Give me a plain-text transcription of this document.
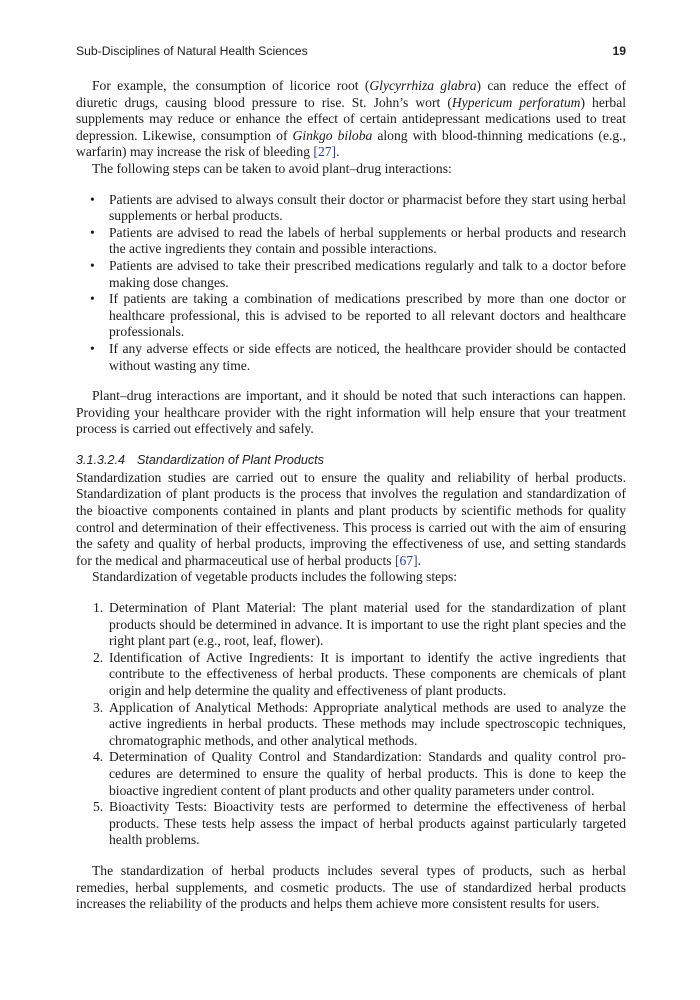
Sub-Disciplines of Natural Health Sciences	19

For example, the consumption of licorice root (Glycyrrhiza glabra) can reduce the effect of diuretic drugs, causing blood pressure to rise. St. John’s wort (Hypericum perforatum) herbal supplements may reduce or enhance the effect of certain antidepressant medications used to treat depression. Likewise, consumption of Ginkgo biloba along with blood-thinning medications (e.g., warfarin) may increase the risk of bleeding [27].

The following steps can be taken to avoid plant–drug interactions:

• Patients are advised to always consult their doctor or pharmacist before they start using herbal supplements or herbal products.
• Patients are advised to read the labels of herbal supplements or herbal products and research the active ingredients they contain and possible interactions.
• Patients are advised to take their prescribed medications regularly and talk to a doctor before making dose changes.
• If patients are taking a combination of medications prescribed by more than one doctor or healthcare professional, this is advised to be reported to all relevant doctors and healthcare professionals.
• If any adverse effects or side effects are noticed, the healthcare provider should be contacted without wasting any time.

Plant–drug interactions are important, and it should be noted that such interactions can happen. Providing your healthcare provider with the right information will help ensure that your treatment process is carried out effectively and safely.

3.1.3.2.4 Standardization of Plant Products

Standardization studies are carried out to ensure the quality and reliability of herbal products. Standardization of plant products is the process that involves the regulation and standardization of the bioactive components contained in plants and plant products by scientific methods for quality control and determination of their effectiveness. This process is carried out with the aim of ensuring the safety and quality of herbal products, improving the effectiveness of use, and setting standards for the medical and pharmaceutical use of herbal products [67].

Standardization of vegetable products includes the following steps:

1. Determination of Plant Material: The plant material used for the standardization of plant products should be determined in advance. It is important to use the right plant species and the right plant part (e.g., root, leaf, flower).
2. Identification of Active Ingredients: It is important to identify the active ingredients that contribute to the effectiveness of herbal products. These components are chemicals of plant origin and help determine the quality and effectiveness of plant products.
3. Application of Analytical Methods: Appropriate analytical methods are used to analyze the active ingredients in herbal products. These methods may include spectroscopic techniques, chromatographic methods, and other analytical methods.
4. Determination of Quality Control and Standardization: Standards and quality control procedures are determined to ensure the quality of herbal products. This is done to keep the bioactive ingredient content of plant products and other quality parameters under control.
5. Bioactivity Tests: Bioactivity tests are performed to determine the effectiveness of herbal products. These tests help assess the impact of herbal products against particularly targeted health problems.

The standardization of herbal products includes several types of products, such as herbal remedies, herbal supplements, and cosmetic products. The use of standardized herbal products increases the reliability of the products and helps them achieve more consistent results for users.
